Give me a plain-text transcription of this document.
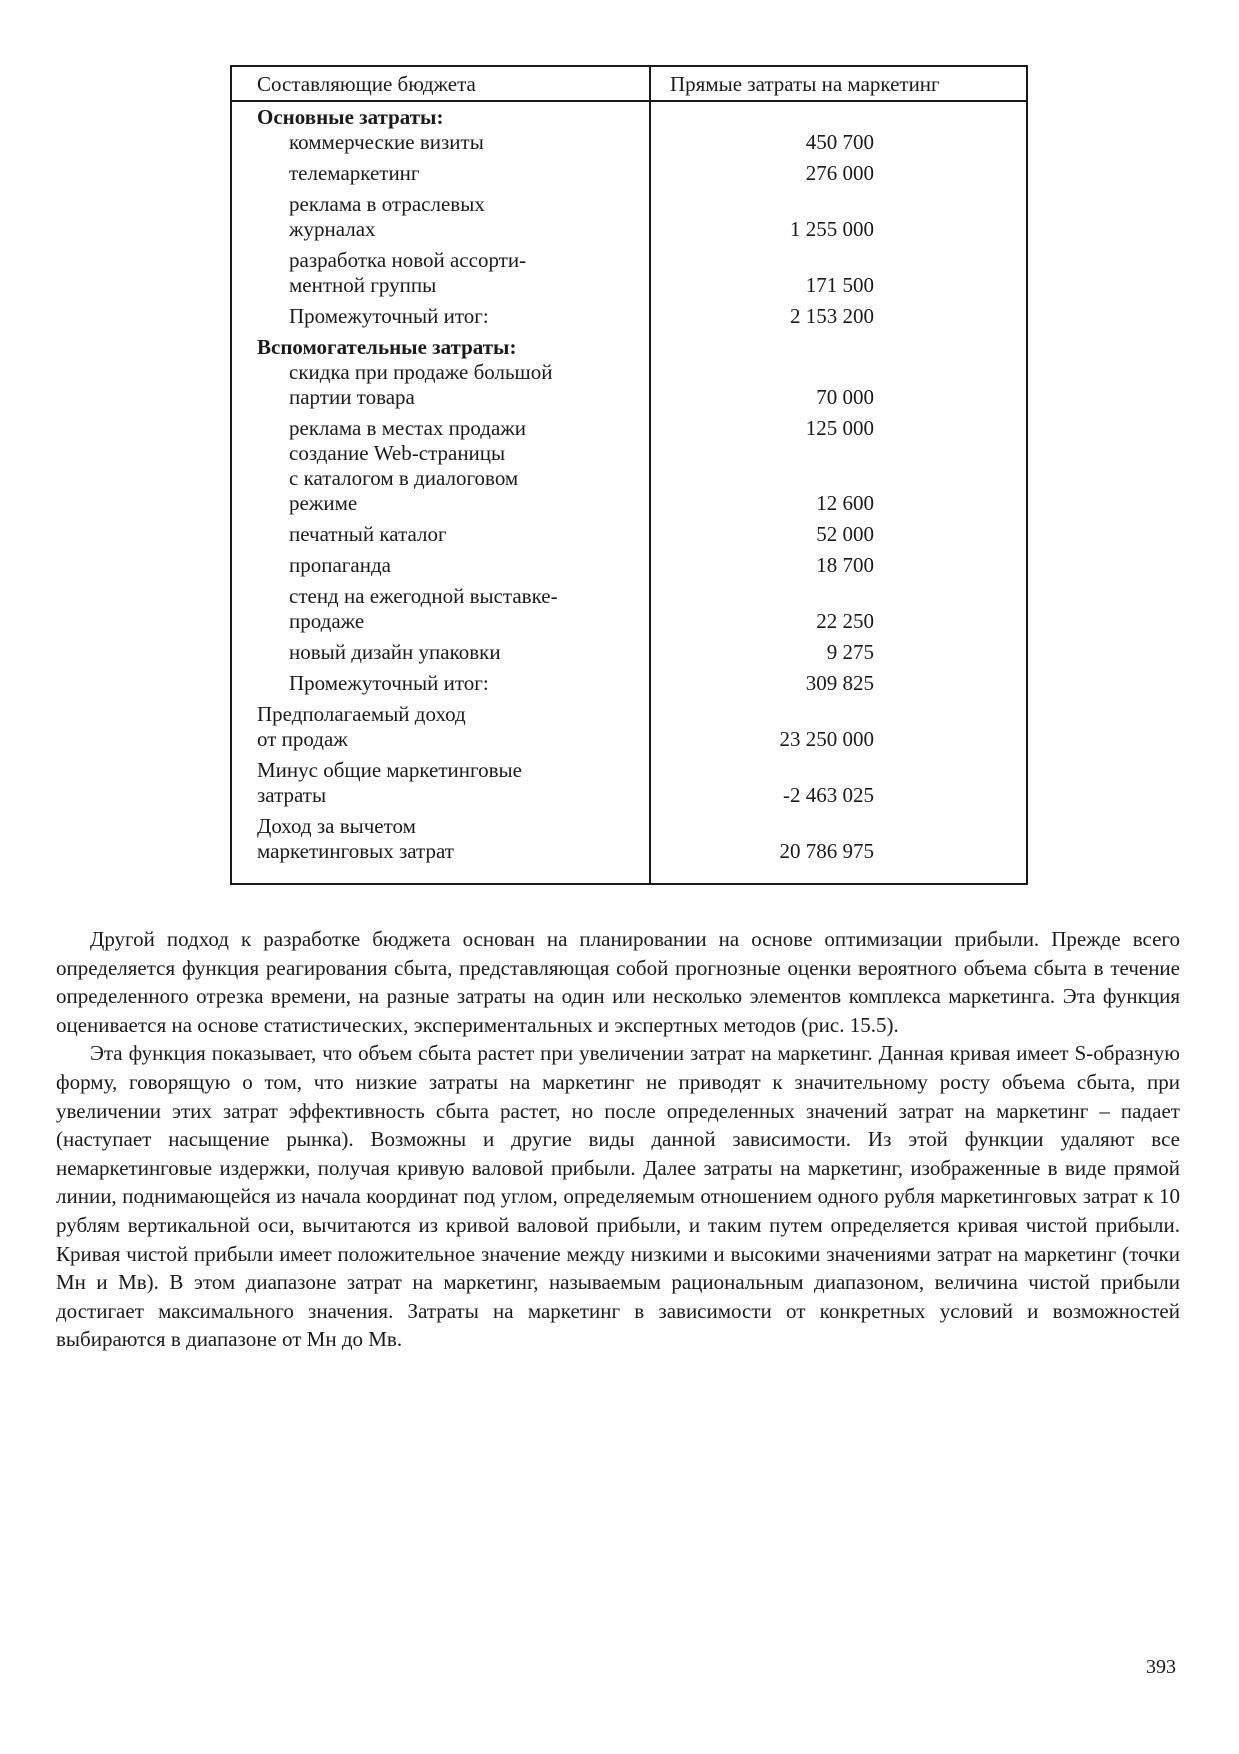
Составляющие бюджета	Прямые затраты на маркетинг
Основные затраты:
коммерческие визиты	450 700
телемаркетинг	276 000
реклама в отраслевых
журналах	1 255 000
разработка новой ассорти-
ментной группы	171 500
Промежуточный итог:	2 153 200
Вспомогательные затраты:
скидка при продаже большой
партии товара	70 000
реклама в местах продажи	125 000
создание Web-страницы
с каталогом в диалоговом
режиме	12 600
печатный каталог	52 000
пропаганда	18 700
стенд на ежегодной выставке-
продаже	22 250
новый дизайн упаковки	9 275
Промежуточный итог:	309 825
Предполагаемый доход
от продаж	23 250 000
Минус общие маркетинговые
затраты	-2 463 025
Доход за вычетом
маркетинговых затрат	20 786 975

Другой подход к разработке бюджета основан на планировании на основе оптимизации прибыли. Прежде всего определяется функция реагирования сбыта, представляющая собой прогнозные оценки вероятного объема сбыта в течение определенного отрезка времени, на разные затраты на один или несколько элементов комплекса маркетинга. Эта функция оценивается на основе статистических, экспериментальных и экспертных методов (рис. 15.5).

Эта функция показывает, что объем сбыта растет при увеличении затрат на маркетинг. Данная кривая имеет S-образную форму, говорящую о том, что низкие затраты на маркетинг не приводят к значительному росту объема сбыта, при увеличении этих затрат эффективность сбыта растет, но после определенных значений затрат на маркетинг – падает (наступает насыщение рынка). Возможны и другие виды данной зависимости. Из этой функции удаляют все немаркетинговые издержки, получая кривую валовой прибыли. Далее затраты на маркетинг, изображенные в виде прямой линии, поднимающейся из начала координат под углом, определяемым отношением одного рубля маркетинговых затрат к 10 рублям вертикальной оси, вычитаются из кривой валовой прибыли, и таким путем определяется кривая чистой прибыли. Кривая чистой прибыли имеет положительное значение между низкими и высокими значениями затрат на маркетинг (точки Mн и Mв). В этом диапазоне затрат на маркетинг, называемым рациональным диапазоном, величина чистой прибыли достигает максимального значения. Затраты на маркетинг в зависимости от конкретных условий и возможностей выбираются в диапазоне от Mн до Mв.

393
